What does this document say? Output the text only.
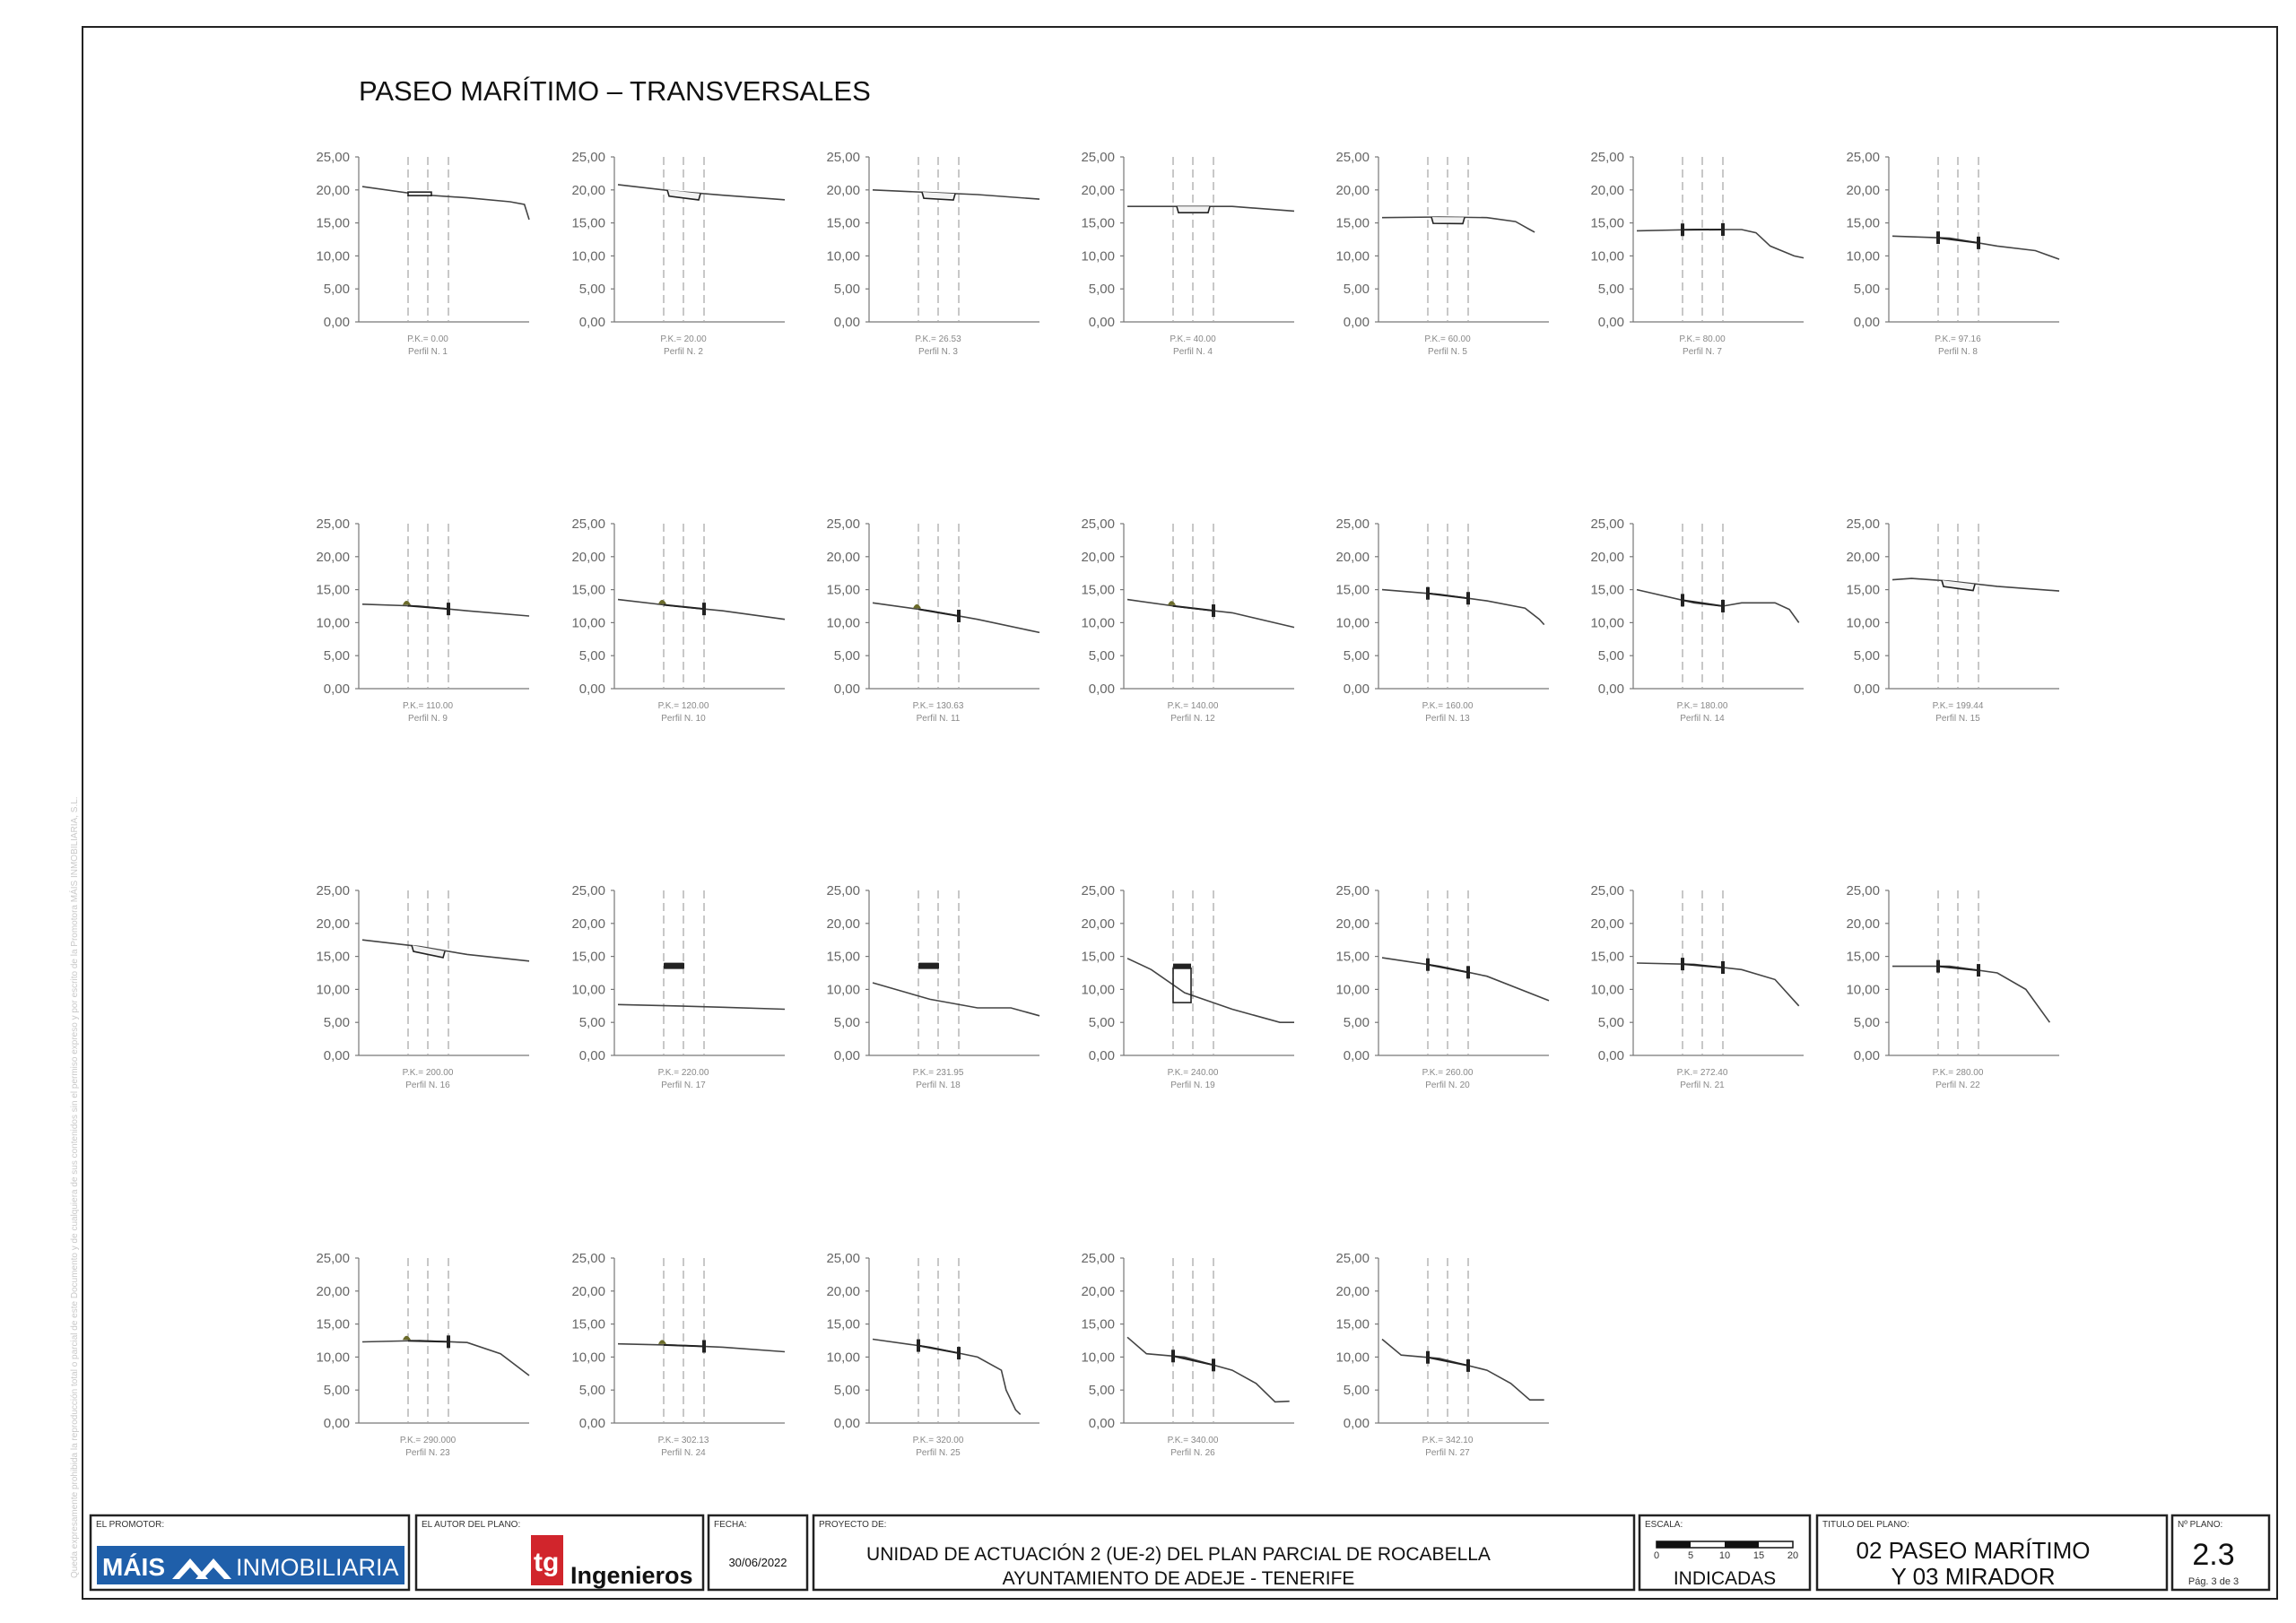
Queda expresamente prohibida la reproducción total o parcial de este Documento y de cualquiera de sus contenidos sin el permiso expreso y por escrito de la Promotora MÁIS INMOBILIARIA, S.L.
PASEO MARÍTIMO – TRANSVERSALES
25,00
20,00
15,00
10,00
5,00
0,00
P.K.= 0.00
Perfil N. 1
25,00
20,00
15,00
10,00
5,00
0,00
P.K.= 20.00
Perfil N. 2
25,00
20,00
15,00
10,00
5,00
0,00
P.K.= 26.53
Perfil N. 3
25,00
20,00
15,00
10,00
5,00
0,00
P.K.= 40.00
Perfil N. 4
25,00
20,00
15,00
10,00
5,00
0,00
P.K.= 60.00
Perfil N. 5
25,00
20,00
15,00
10,00
5,00
0,00
P.K.= 80.00
Perfil N. 7
25,00
20,00
15,00
10,00
5,00
0,00
P.K.= 97.16
Perfil N. 8
25,00
20,00
15,00
10,00
5,00
0,00
P.K.= 110.00
Perfil N. 9
25,00
20,00
15,00
10,00
5,00
0,00
P.K.= 120.00
Perfil N. 10
25,00
20,00
15,00
10,00
5,00
0,00
P.K.= 130.63
Perfil N. 11
25,00
20,00
15,00
10,00
5,00
0,00
P.K.= 140.00
Perfil N. 12
25,00
20,00
15,00
10,00
5,00
0,00
P.K.= 160.00
Perfil N. 13
25,00
20,00
15,00
10,00
5,00
0,00
P.K.= 180.00
Perfil N. 14
25,00
20,00
15,00
10,00
5,00
0,00
P.K.= 199.44
Perfil N. 15
25,00
20,00
15,00
10,00
5,00
0,00
P.K.= 200.00
Perfil N. 16
25,00
20,00
15,00
10,00
5,00
0,00
P.K.= 220.00
Perfil N. 17
25,00
20,00
15,00
10,00
5,00
0,00
P.K.= 231.95
Perfil N. 18
25,00
20,00
15,00
10,00
5,00
0,00
P.K.= 240.00
Perfil N. 19
25,00
20,00
15,00
10,00
5,00
0,00
P.K.= 260.00
Perfil N. 20
25,00
20,00
15,00
10,00
5,00
0,00
P.K.= 272.40
Perfil N. 21
25,00
20,00
15,00
10,00
5,00
0,00
P.K.= 280.00
Perfil N. 22
25,00
20,00
15,00
10,00
5,00
0,00
P.K.= 290.000
Perfil N. 23
25,00
20,00
15,00
10,00
5,00
0,00
P.K.= 302.13
Perfil N. 24
25,00
20,00
15,00
10,00
5,00
0,00
P.K.= 320.00
Perfil N. 25
25,00
20,00
15,00
10,00
5,00
0,00
P.K.= 340.00
Perfil N. 26
25,00
20,00
15,00
10,00
5,00
0,00
P.K.= 342.10
Perfil N. 27
EL PROMOTOR:
MÁIS	INMOBILIARIA
EL AUTOR DEL PLANO:
tg Ingenieros
FECHA:
30/06/2022
PROYECTO DE:
UNIDAD DE ACTUACIÓN 2 (UE-2) DEL PLAN PARCIAL DE ROCABELLA
AYUNTAMIENTO DE ADEJE - TENERIFE
ESCALA:
0	5	10 15 20
INDICADAS
TITULO DEL PLANO:
02 PASEO MARÍTIMO
Y 03 MIRADOR
Nº PLANO:
2.3
Pág. 3 de 3
